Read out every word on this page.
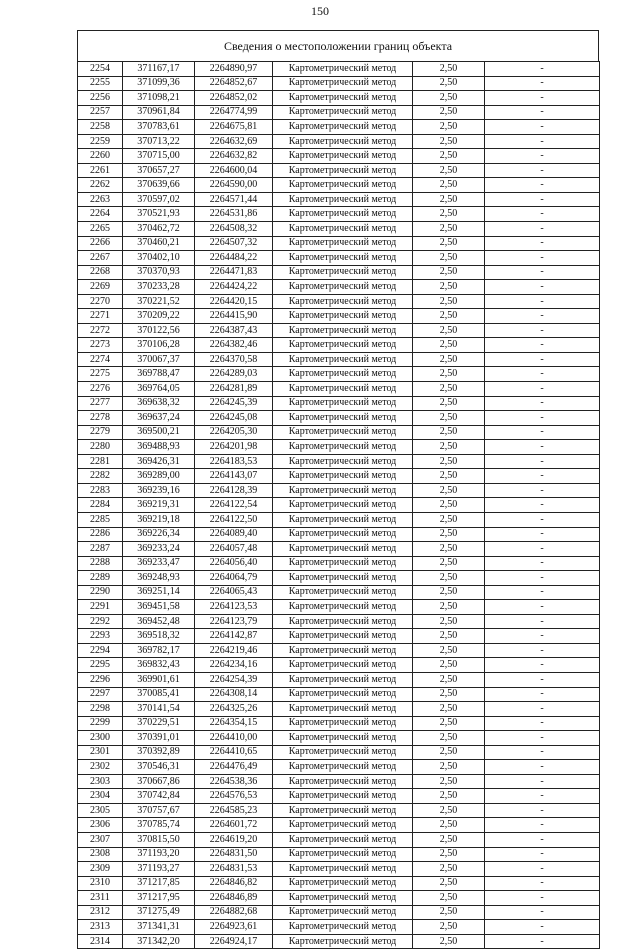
150
Сведения о местоположении границ объекта
2254	371167,17	2264890,97	Картометрический метод	2,50	-
2255	371099,36	2264852,67	Картометрический метод	2,50	-
2256	371098,21	2264852,02	Картометрический метод	2,50	-
2257	370961,84	2264774,99	Картометрический метод	2,50	-
2258	370783,61	2264675,81	Картометрический метод	2,50	-
2259	370713,22	2264632,69	Картометрический метод	2,50	-
2260	370715,00	2264632,82	Картометрический метод	2,50	-
2261	370657,27	2264600,04	Картометрический метод	2,50	-
2262	370639,66	2264590,00	Картометрический метод	2,50	-
2263	370597,02	2264571,44	Картометрический метод	2,50	-
2264	370521,93	2264531,86	Картометрический метод	2,50	-
2265	370462,72	2264508,32	Картометрический метод	2,50	-
2266	370460,21	2264507,32	Картометрический метод	2,50	-
2267	370402,10	2264484,22	Картометрический метод	2,50	-
2268	370370,93	2264471,83	Картометрический метод	2,50	-
2269	370233,28	2264424,22	Картометрический метод	2,50	-
2270	370221,52	2264420,15	Картометрический метод	2,50	-
2271	370209,22	2264415,90	Картометрический метод	2,50	-
2272	370122,56	2264387,43	Картометрический метод	2,50	-
2273	370106,28	2264382,46	Картометрический метод	2,50	-
2274	370067,37	2264370,58	Картометрический метод	2,50	-
2275	369788,47	2264289,03	Картометрический метод	2,50	-
2276	369764,05	2264281,89	Картометрический метод	2,50	-
2277	369638,32	2264245,39	Картометрический метод	2,50	-
2278	369637,24	2264245,08	Картометрический метод	2,50	-
2279	369500,21	2264205,30	Картометрический метод	2,50	-
2280	369488,93	2264201,98	Картометрический метод	2,50	-
2281	369426,31	2264183,53	Картометрический метод	2,50	-
2282	369289,00	2264143,07	Картометрический метод	2,50	-
2283	369239,16	2264128,39	Картометрический метод	2,50	-
2284	369219,31	2264122,54	Картометрический метод	2,50	-
2285	369219,18	2264122,50	Картометрический метод	2,50	-
2286	369226,34	2264089,40	Картометрический метод	2,50	-
2287	369233,24	2264057,48	Картометрический метод	2,50	-
2288	369233,47	2264056,40	Картометрический метод	2,50	-
2289	369248,93	2264064,79	Картометрический метод	2,50	-
2290	369251,14	2264065,43	Картометрический метод	2,50	-
2291	369451,58	2264123,53	Картометрический метод	2,50	-
2292	369452,48	2264123,79	Картометрический метод	2,50	-
2293	369518,32	2264142,87	Картометрический метод	2,50	-
2294	369782,17	2264219,46	Картометрический метод	2,50	-
2295	369832,43	2264234,16	Картометрический метод	2,50	-
2296	369901,61	2264254,39	Картометрический метод	2,50	-
2297	370085,41	2264308,14	Картометрический метод	2,50	-
2298	370141,54	2264325,26	Картометрический метод	2,50	-
2299	370229,51	2264354,15	Картометрический метод	2,50	-
2300	370391,01	2264410,00	Картометрический метод	2,50	-
2301	370392,89	2264410,65	Картометрический метод	2,50	-
2302	370546,31	2264476,49	Картометрический метод	2,50	-
2303	370667,86	2264538,36	Картометрический метод	2,50	-
2304	370742,84	2264576,53	Картометрический метод	2,50	-
2305	370757,67	2264585,23	Картометрический метод	2,50	-
2306	370785,74	2264601,72	Картометрический метод	2,50	-
2307	370815,50	2264619,20	Картометрический метод	2,50	-
2308	371193,20	2264831,50	Картометрический метод	2,50	-
2309	371193,27	2264831,53	Картометрический метод	2,50	-
2310	371217,85	2264846,82	Картометрический метод	2,50	-
2311	371217,95	2264846,89	Картометрический метод	2,50	-
2312	371275,49	2264882,68	Картометрический метод	2,50	-
2313	371341,31	2264923,61	Картометрический метод	2,50	-
2314	371342,20	2264924,17	Картометрический метод	2,50	-
